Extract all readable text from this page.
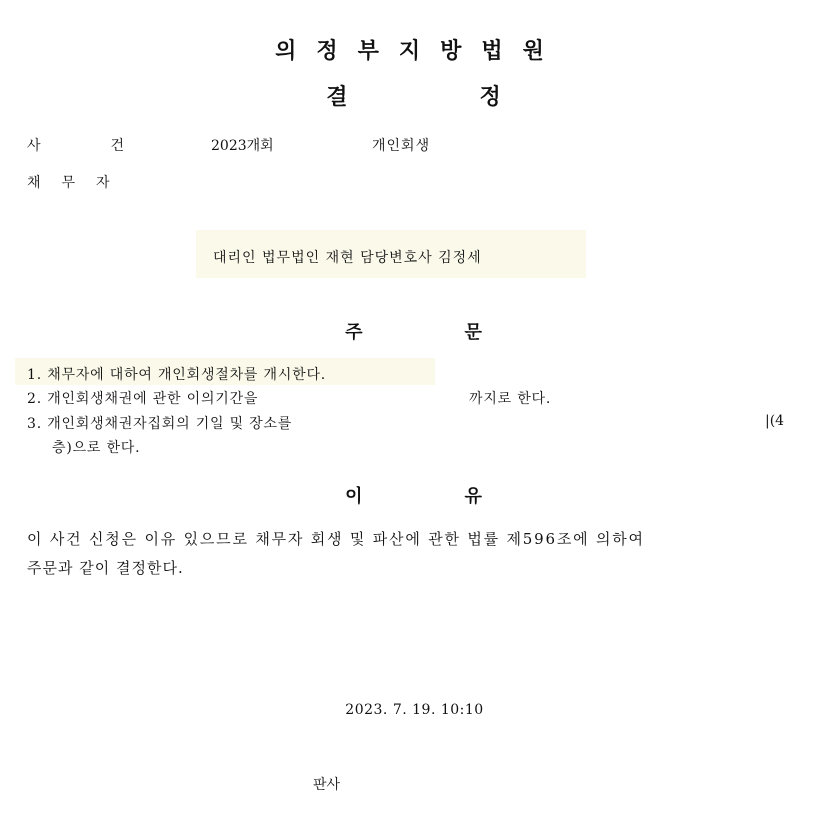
의정부지방법원
결정
사건 2023개회	개인회생
채무자
대리인 법무법인 재현 담당변호사 김정세
주문
1. 채무자에 대하여 개인회생절차를 개시한다.
2. 개인회생채권에 관한 이의기간을	까지로 한다.
3. 개인회생채권자집회의 기일 및 장소를	|(4
층)으로 한다.
이유
이 사건 신청은 이유 있으므로 채무자 회생 및 파산에 관한 법률 제596조에 의하여
주문과 같이 결정한다.
2023. 7. 19. 10:10
판사
